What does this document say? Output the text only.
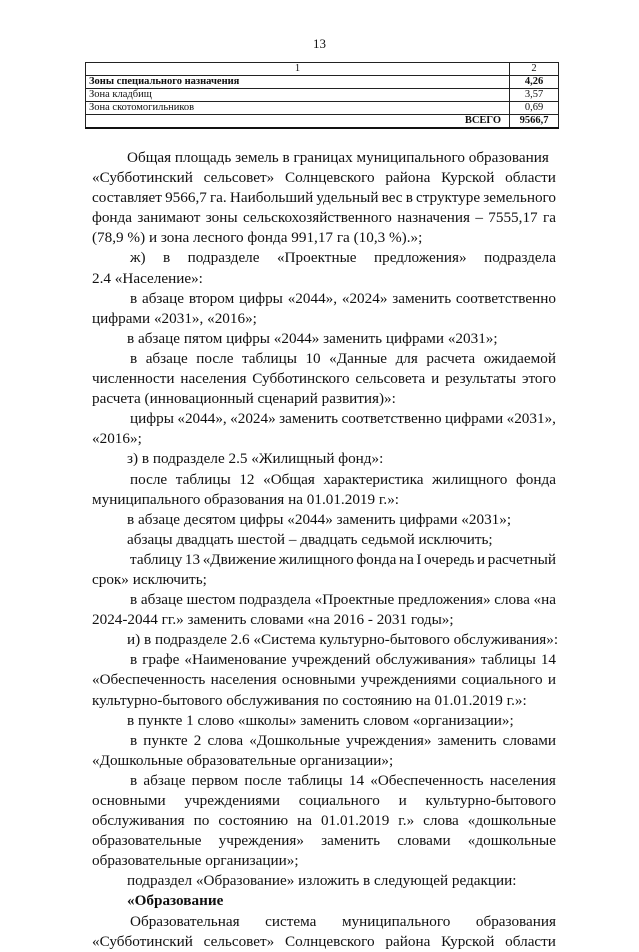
13
1	2
Зоны специального назначения	4,26
Зона кладбищ	3,57
Зона скотомогильников	0,69
ВСЕГО	9566,7
Общая площадь земель в границах муниципального образования
«Субботинский сельсовет» Солнцевского района Курской области
составляет 9566,7 га. Наибольший удельный вес в структуре земельного
фонда занимают зоны сельскохозяйственного назначения – 7555,17 га
(78,9 %) и зона лесного фонда 991,17 га (10,3 %).»;
ж) в подразделе «Проектные предложения» подраздела
2.4 «Население»:
в абзаце втором цифры «2044», «2024» заменить соответственно
цифрами «2031», «2016»;
в абзаце пятом цифры «2044» заменить цифрами «2031»;
в абзаце после таблицы 10 «Данные для расчета ожидаемой
численности населения Субботинского сельсовета и результаты этого
расчета (инновационный сценарий развития)»:
цифры «2044», «2024» заменить соответственно цифрами «2031»,
«2016»;
з) в подразделе 2.5 «Жилищный фонд»:
после таблицы 12 «Общая характеристика жилищного фонда
муниципального образования на 01.01.2019 г.»:
в абзаце десятом цифры «2044» заменить цифрами «2031»;
абзацы двадцать шестой – двадцать седьмой исключить;
таблицу 13 «Движение жилищного фонда на I очередь и расчетный
срок» исключить;
в абзаце шестом подраздела «Проектные предложения» слова «на
2024-2044 гг.» заменить словами «на 2016 - 2031 годы»;
и) в подразделе 2.6 «Система культурно-бытового обслуживания»:
в графе «Наименование учреждений обслуживания» таблицы 14
«Обеспеченность населения основными учреждениями социального и
культурно-бытового обслуживания по состоянию на 01.01.2019 г.»:
в пункте 1 слово «школы» заменить словом «организации»;
в пункте 2 слова «Дошкольные учреждения» заменить словами
«Дошкольные образовательные организации»;
в абзаце первом после таблицы 14 «Обеспеченность населения
основными учреждениями социального и культурно-бытового
обслуживания по состоянию на 01.01.2019 г.» слова «дошкольные
образовательные учреждения» заменить словами «дошкольные
образовательные организации»;
подраздел «Образование» изложить в следующей редакции:
«Образование
Образовательная система муниципального образования
«Субботинский сельсовет» Солнцевского района Курской области
